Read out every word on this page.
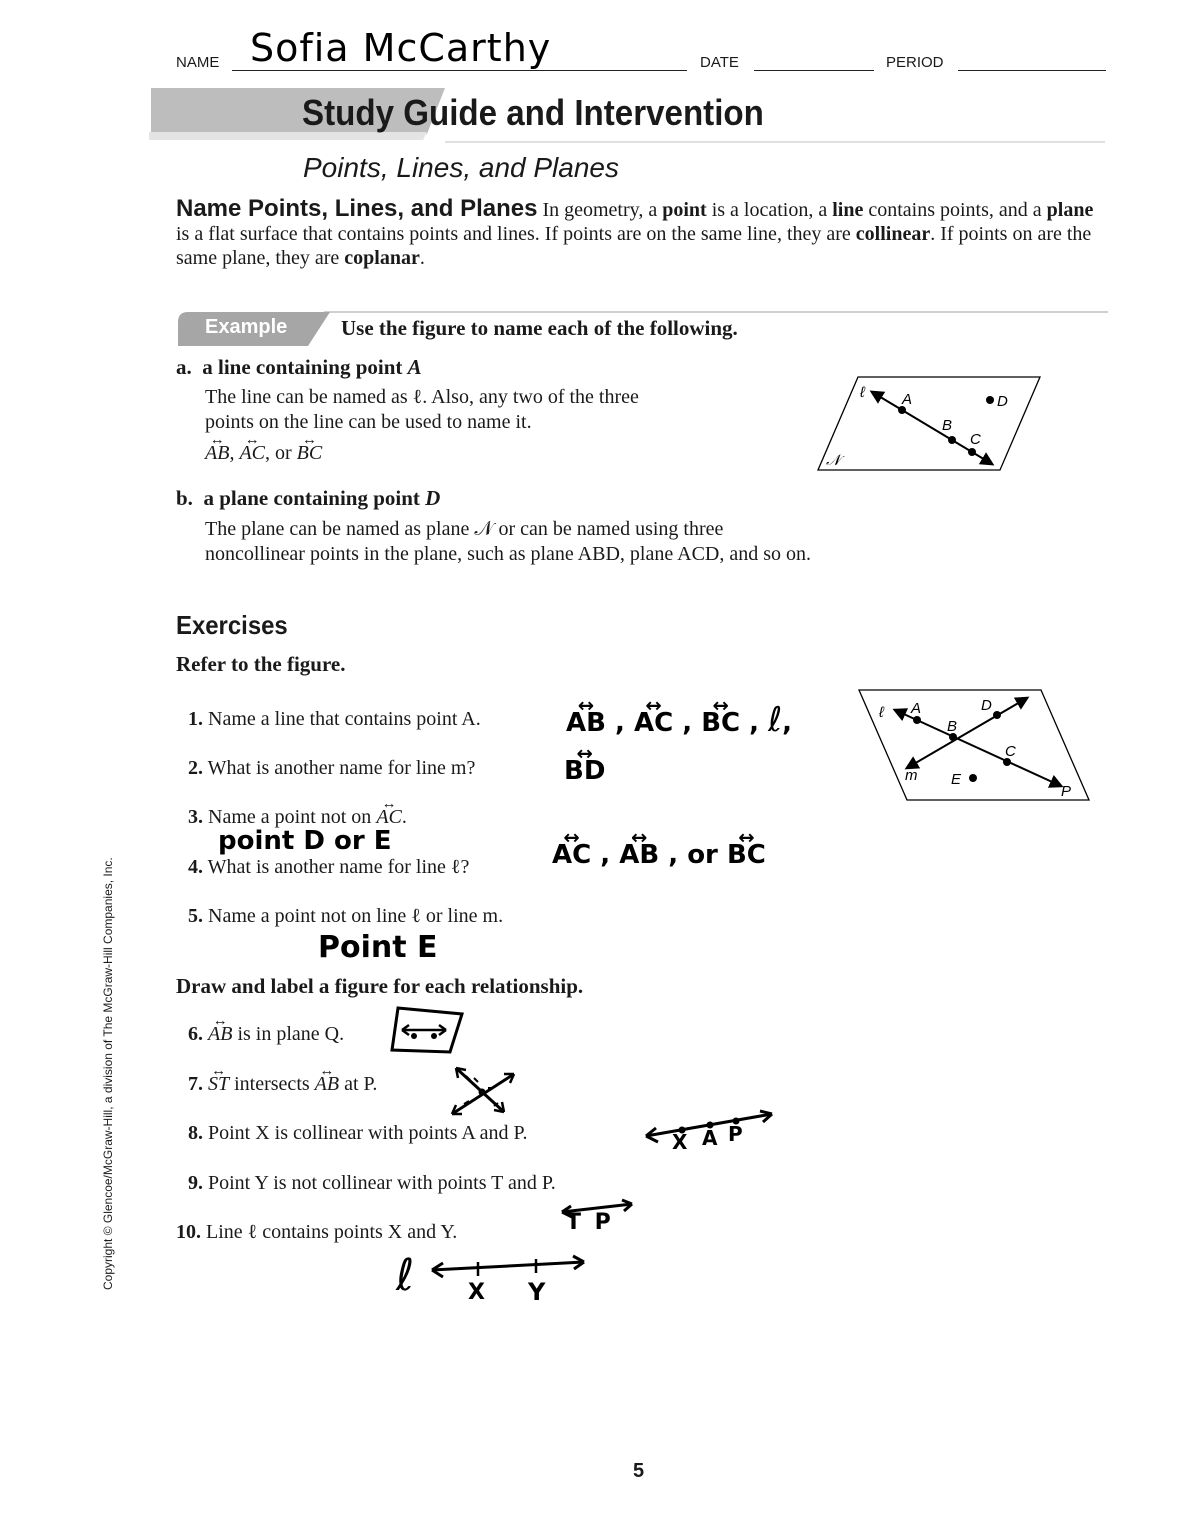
NAME Sofia McCarthy	DATE	PERIOD
Study Guide and Intervention
Points, Lines, and Planes
Name Points, Lines, and Planes In geometry, a point is a location, a line contains points, and a plane is a flat surface that contains points and lines. If points are on the same line, they are collinear. If points on are the same plane, they are coplanar.
Example	Use the figure to name each of the following.
a. a line containing point A
The line can be named as ℓ. Also, any two of the three
points on the line can be used to name it.
↔ AB, ↔ AC, or ↔ BC
ℓ A
B
C
D
𝒩
b. a plane containing point D
The plane can be named as plane 𝒩 or can be named using three
noncollinear points in the plane, such as plane ABD, plane ACD, and so on.
Exercises
Refer to the figure.
1. Name a line that contains point A.
2. What is another name for line m?
3. Name a point not on ↔ AC.
4. What is another name for line ℓ?
5. Name a point not on line ℓ or line m.
ℓ A
B
C
D
E
m
P
↔ AB , ↔ AC , ↔ BC , ℓ,
↔ BD
point D or E	↔ AC , ↔ AB , or ↔ BC
Point E
Draw and label a figure for each relationship.
6. ↔ AB is in plane Q.
7. ↔ ST intersects ↔ AB at P.
8. Point X is collinear with points A and P.
9. Point Y is not collinear with points T and P.
10. Line ℓ contains points X and Y.
X A P
T P
ℓ X Y
Copyright © Glencoe/McGraw-Hill, a division of The McGraw-Hill Companies, Inc.
5
